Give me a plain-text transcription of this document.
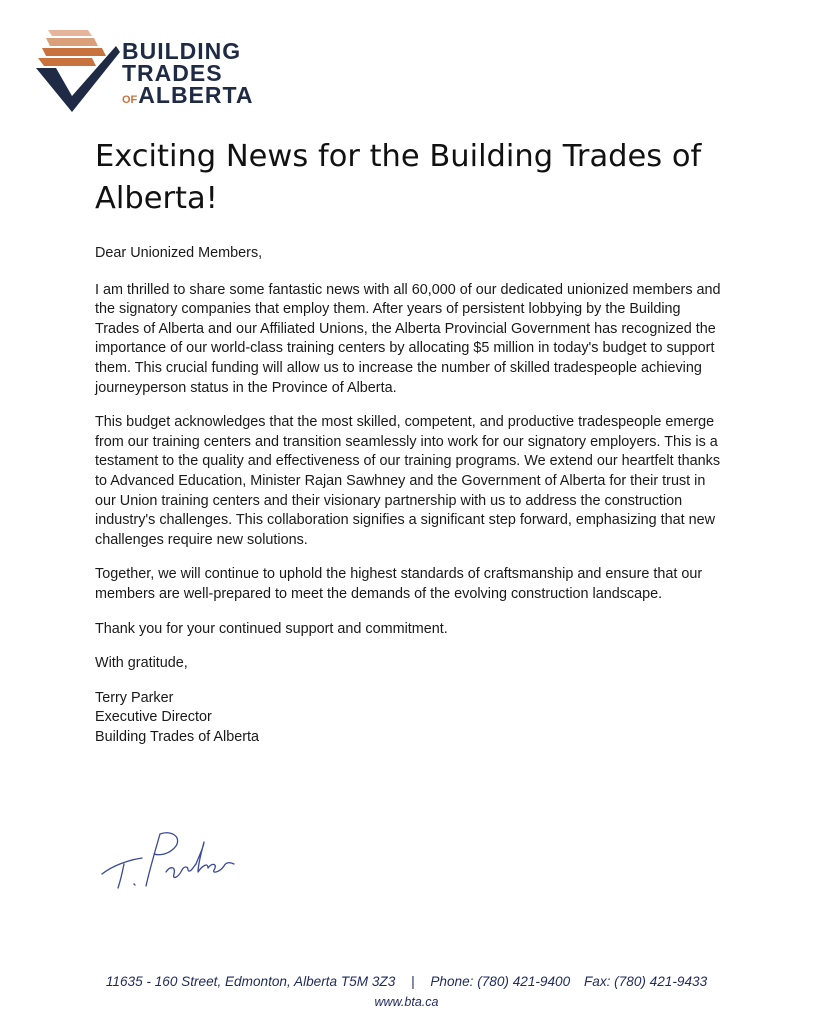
BUILDING
TRADES
OFALBERTA
Exciting News for the Building Trades of Alberta!

Dear Unionized Members,

I am thrilled to share some fantastic news with all 60,000 of our dedicated unionized members and the signatory companies that employ them. After years of persistent lobbying by the Building Trades of Alberta and our Affiliated Unions, the Alberta Provincial Government has recognized the importance of our world-class training centers by allocating $5 million in today's budget to support them. This crucial funding will allow us to increase the number of skilled tradespeople achieving journeyperson status in the Province of Alberta.

This budget acknowledges that the most skilled, competent, and productive tradespeople emerge from our training centers and transition seamlessly into work for our signatory employers. This is a testament to the quality and effectiveness of our training programs. We extend our heartfelt thanks to Advanced Education, Minister Rajan Sawhney and the Government of Alberta for their trust in our Union training centers and their visionary partnership with us to address the construction industry's challenges. This collaboration signifies a significant step forward, emphasizing that new challenges require new solutions.

Together, we will continue to uphold the highest standards of craftsmanship and ensure that our members are well-prepared to meet the demands of the evolving construction landscape.

Thank you for your continued support and commitment.

With gratitude,

Terry Parker

Executive Director

Building Trades of Alberta

11635 - 160 Street, Edmonton, Alberta T5M 3Z3 | Phone: (780) 421-9400 Fax: (780) 421-9433
www.bta.ca
